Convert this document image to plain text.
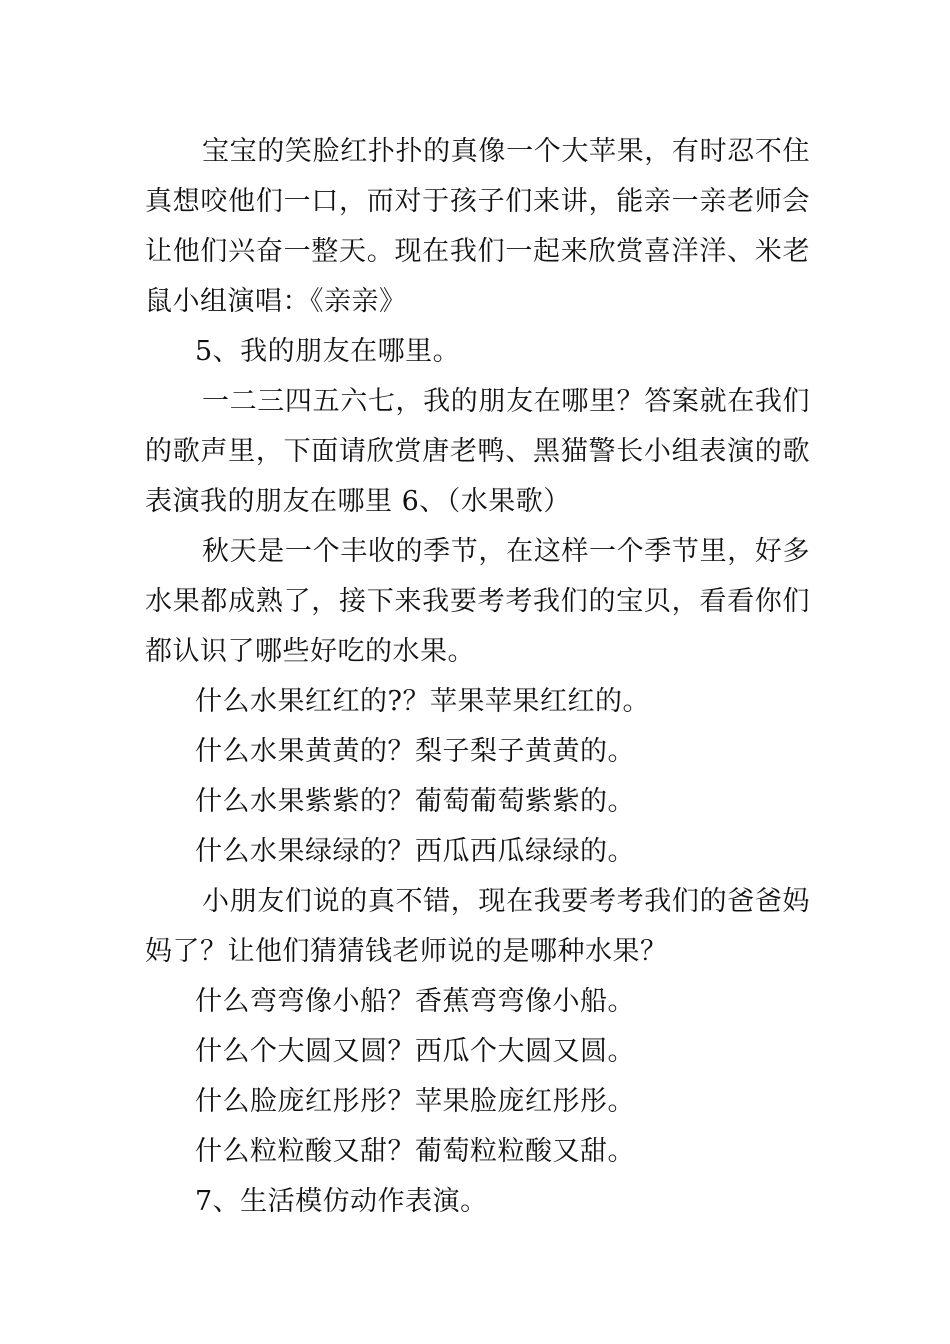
宝宝的笑脸红扑扑的真像一个大苹果，有时忍不住真想咬他们一口，而对于孩子们来讲，能亲一亲老师会让他们兴奋一整天。现在我们一起来欣赏喜洋洋、米老鼠小组演唱：《亲亲》

5、我的朋友在哪里。

一二三四五六七，我的朋友在哪里？答案就在我们的歌声里，下面请欣赏唐老鸭、黑猫警长小组表演的歌表演我的朋友在哪里 6、（水果歌）

秋天是一个丰收的季节，在这样一个季节里，好多水果都成熟了，接下来我要考考我们的宝贝，看看你们都认识了哪些好吃的水果。

什么水果红红的?？苹果苹果红红的。

什么水果黄黄的？梨子梨子黄黄的。

什么水果紫紫的？葡萄葡萄紫紫的。

什么水果绿绿的？西瓜西瓜绿绿的。

小朋友们说的真不错，现在我要考考我们的爸爸妈妈了？让他们猜猜钱老师说的是哪种水果？

什么弯弯像小船？香蕉弯弯像小船。

什么个大圆又圆？西瓜个大圆又圆。

什么脸庞红彤彤？苹果脸庞红彤彤。

什么粒粒酸又甜？葡萄粒粒酸又甜。

7、生活模仿动作表演。
